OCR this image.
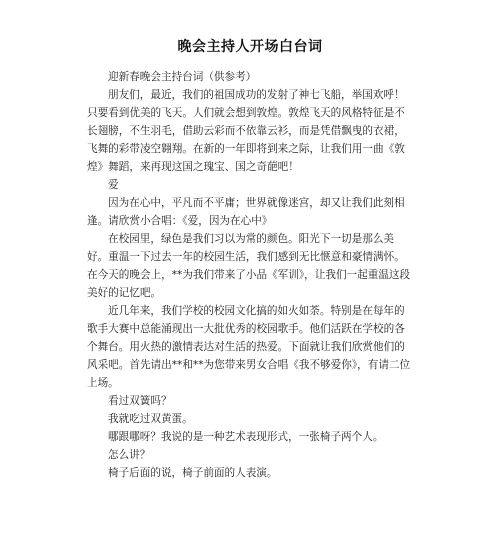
晚会主持人开场白台词

迎新春晚会主持台词（供参考）

朋友们，最近，我们的祖国成功的发射了神七飞船，举国欢呼！只要看到优美的飞天。人们就会想到敦煌。敦煌飞天的风格特征是不长翅膀，不生羽毛，借助云彩而不依靠云衫，而是凭借飘曳的衣裙，飞舞的彩带凌空翱翔。在新的一年即将到来之际，让我们用一曲《敦煌》舞蹈，来再现这国之瑰宝、国之奇葩吧！

爱

因为在心中，平凡而不平庸；世界就像迷宫，却又让我们此刻相逢。请欣赏小合唱：《爱，因为在心中》

在校园里，绿色是我们习以为常的颜色。阳光下一切是那么美好。重温一下过去一年的校园生活，我们感到无比惬意和豪情满怀。在今天的晚会上，**为我们带来了小品《军训》，让我们一起重温这段美好的记忆吧。

近几年来，我们学校的校园文化搞的如火如荼。特别是在每年的歌手大赛中总能涌现出一大批优秀的校园歌手。他们活跃在学校的各个舞台。用火热的激情表达对生活的热爱。下面就让我们欣赏他们的风采吧。首先请出**和**为您带来男女合唱《我不够爱你》，有请二位上场。

看过双簧吗？

我就吃过双黄蛋。

哪跟哪呀？我说的是一种艺术表现形式，一张椅子两个人。

怎么讲？

椅子后面的说，椅子前面的人表演。
